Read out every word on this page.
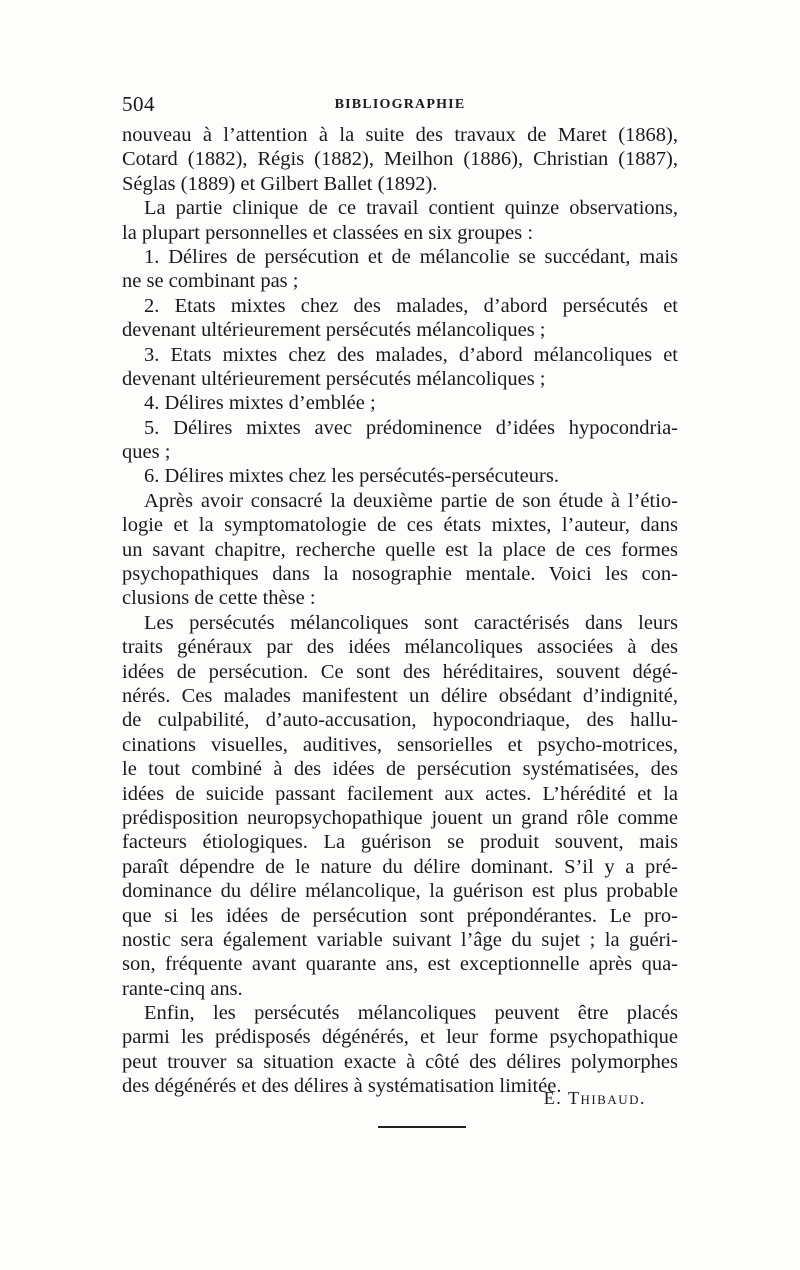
504	BIBLIOGRAPHIE
nouveau à l’attention à la suite des travaux de Maret (1868),
Cotard (1882), Régis (1882), Meilhon (1886), Christian (1887),
Séglas (1889) et Gilbert Ballet (1892).
La partie clinique de ce travail contient quinze observations,
la plupart personnelles et classées en six groupes :
1. Délires de persécution et de mélancolie se succédant, mais
ne se combinant pas ;
2. Etats mixtes chez des malades, d’abord persécutés et
devenant ultérieurement persécutés mélancoliques ;
3. Etats mixtes chez des malades, d’abord mélancoliques et
devenant ultérieurement persécutés mélancoliques ;
4. Délires mixtes d’emblée ;
5. Délires mixtes avec prédominence d’idées hypocondria-
ques ;
6. Délires mixtes chez les persécutés-persécuteurs.
Après avoir consacré la deuxième partie de son étude à l’étio-
logie et la symptomatologie de ces états mixtes, l’auteur, dans
un savant chapitre, recherche quelle est la place de ces formes
psychopathiques dans la nosographie mentale. Voici les con-
clusions de cette thèse :
Les persécutés mélancoliques sont caractérisés dans leurs
traits généraux par des idées mélancoliques associées à des
idées de persécution. Ce sont des héréditaires, souvent dégé-
nérés. Ces malades manifestent un délire obsédant d’indignité,
de culpabilité, d’auto-accusation, hypocondriaque, des hallu-
cinations visuelles, auditives, sensorielles et psycho-motrices,
le tout combiné à des idées de persécution systématisées, des
idées de suicide passant facilement aux actes. L’hérédité et la
prédisposition neuropsychopathique jouent un grand rôle comme
facteurs étiologiques. La guérison se produit souvent, mais
paraît dépendre de le nature du délire dominant. S’il y a pré-
dominance du délire mélancolique, la guérison est plus probable
que si les idées de persécution sont prépondérantes. Le pro-
nostic sera également variable suivant l’âge du sujet ; la guéri-
son, fréquente avant quarante ans, est exceptionnelle après qua-
rante-cinq ans.
Enfin, les persécutés mélancoliques peuvent être placés
parmi les prédisposés dégénérés, et leur forme psychopathique
peut trouver sa situation exacte à côté des délires polymorphes
des dégénérés et des délires à systématisation limitée.
E. Thibaud.
